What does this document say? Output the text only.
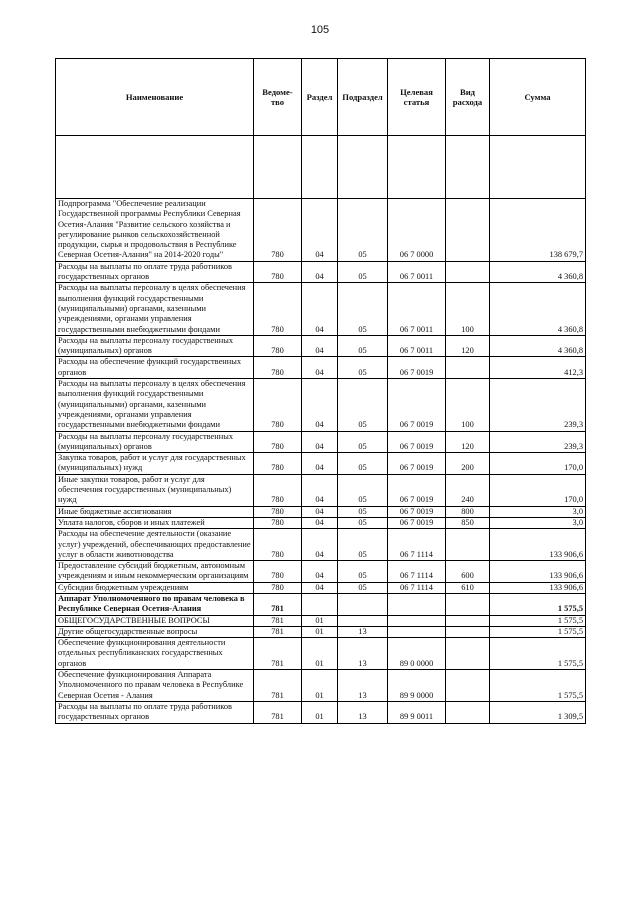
105
Наименование	Ведоме-тво	Раздел	Подраздел	Целевая статья	Вид расхода	Сумма

Подпрограмма "Обеспечение реализации Государственной программы Республики Северная Осетия-Алания "Развитие сельского хозяйства и регулирование рынков сельскохозяйственной продукции, сырья и продовольствия в Республике Северная Осетия-Алания" на 2014-2020 годы"	780	04	05	06 7 0000		138 679,7
Расходы на выплаты по оплате труда работников государственных органов	780	04	05	06 7 0011		4 360,8
Расходы на выплаты персоналу в целях обеспечения выполнения функций государственными (муниципальными) органами, казенными учреждениями, органами управления государственными внебюджетными фондами	780	04	05	06 7 0011	100	4 360,8
Расходы на выплаты персоналу государственных (муниципальных) органов	780	04	05	06 7 0011	120	4 360,8
Расходы на обеспечение функций государственных органов	780	04	05	06 7 0019		412,3
Расходы на выплаты персоналу в целях обеспечения выполнения функций государственными (муниципальными) органами, казенными учреждениями, органами управления государственными внебюджетными фондами	780	04	05	06 7 0019	100	239,3
Расходы на выплаты персоналу государственных (муниципальных) органов	780	04	05	06 7 0019	120	239,3
Закупка товаров, работ и услуг для государственных (муниципальных) нужд	780	04	05	06 7 0019	200	170,0
Иные закупки товаров, работ и услуг для обеспечения государственных (муниципальных) нужд	780	04	05	06 7 0019	240	170,0
Иные бюджетные ассигнования	780	04	05	06 7 0019	800	3,0
Уплата налогов, сборов и иных платежей	780	04	05	06 7 0019	850	3,0
Расходы на обеспечение деятельности (оказание услуг) учреждений, обеспечивающих предоставление услуг в области животноводства	780	04	05	06 7 1114		133 906,6
Предоставление субсидий бюджетным, автономным учреждениям и иным некоммерческим организациям	780	04	05	06 7 1114	600	133 906,6
Субсидии бюджетным учреждениям	780	04	05	06 7 1114	610	133 906,6
Аппарат Уполномоченного по правам человека в Республике Северная Осетия-Алания	781					1 575,5
ОБЩЕГОСУДАРСТВЕННЫЕ ВОПРОСЫ	781	01				1 575,5
Другие общегосударственные вопросы	781	01	13			1 575,5
Обеспечение функционирования деятельности отдельных республиканских государственных органов	781	01	13	89 0 0000		1 575,5
Обеспечение функционирования Аппарата Уполномоченного по правам человека в Республике Северная Осетия - Алания	781	01	13	89 9 0000		1 575,5
Расходы на выплаты по оплате труда работников государственных органов	781	01	13	89 9 0011		1 309,5
